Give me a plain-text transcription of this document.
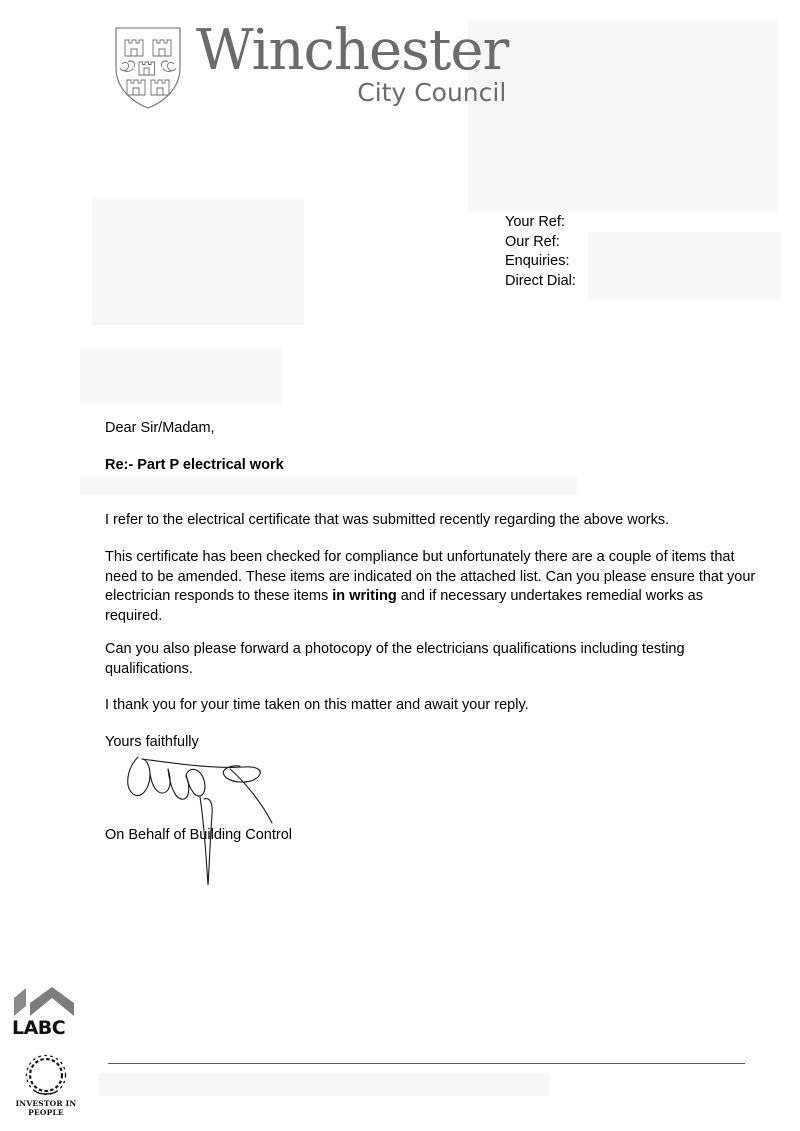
Winchester
City Council
Your Ref:
Our Ref:
Enquiries:
Direct Dial:
Dear Sir/Madam,
Re:- Part P electrical work
I refer to the electrical certificate that was submitted recently regarding the above works.
This certificate has been checked for compliance but unfortunately there are a couple of items that need to be amended. These items are indicated on the attached list. Can you please ensure that your electrician responds to these items in writing and if necessary undertakes remedial works as required.
Can you also please forward a photocopy of the electricians qualifications including testing qualifications.
I thank you for your time taken on this matter and await your reply.
Yours faithfully
On Behalf of Building Control
LABC
INVESTOR IN PEOPLE
